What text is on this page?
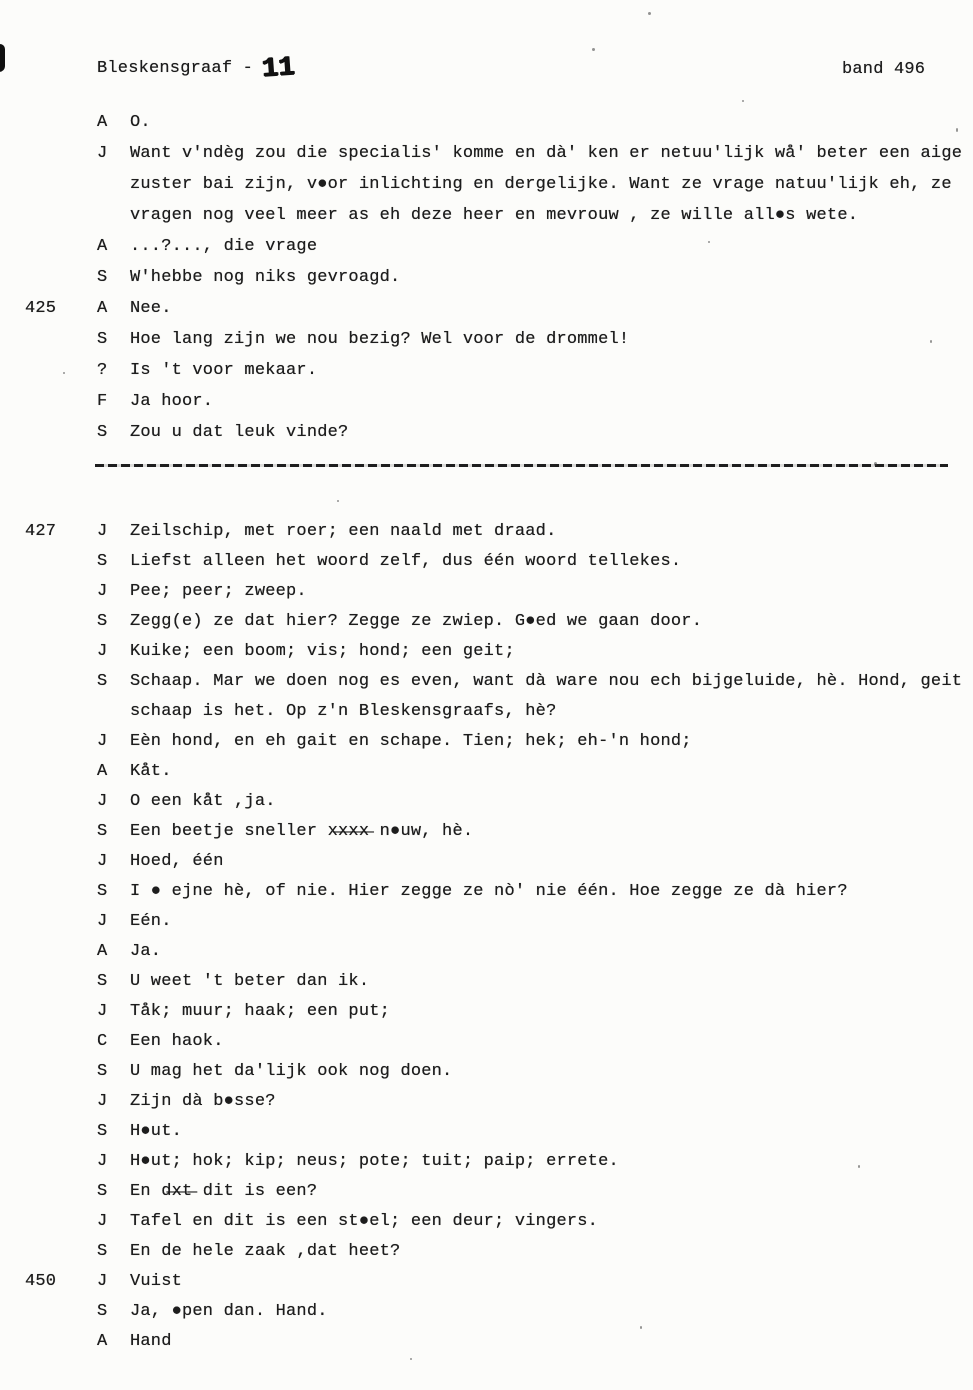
Bleskensgraaf - 11	band 496
A	O.
J	Want v'ndèg zou die specialis' komme en dà' ken er netuu'lijk wå' beter een aige
zuster bai zijn, v●or inlichting en dergelijke. Want ze vrage natuu'lijk eh, ze
vragen nog veel meer as eh deze heer en mevrouw , ze wille all●s wete.
A	...?..., die vrage
S	W'hebbe nog niks gevroagd.
425	A	Nee.
S	Hoe lang zijn we nou bezig? Wel voor de drommel!
?	Is 't voor mekaar.
F	Ja hoor.
S	Zou u dat leuk vinde?
427	J	Zeilschip, met roer; een naald met draad.
S	Liefst alleen het woord zelf, dus één woord tellekes.
J	Pee; peer; zweep.
S	Zegg(e) ze dat hier? Zegge ze zwiep. G●ed we gaan door.
J	Kuike; een boom; vis; hond; een geit;
S	Schaap. Mar we doen nog es even, want dà ware nou ech bijgeluide, hè. Hond, geit
schaap is het. Op z'n Bleskensgraafs, hè?
J	Eèn hond, en eh gait en schape. Tien; hek; eh-'n hond;
A	Kåt.
J	O een kåt ,ja.
S	Een beetje sneller x̶x̶x̶x̶ n●uw, hè.
J	Hoed, één
S	I ● ejne hè, of nie. Hier zegge ze nò' nie één. Hoe zegge ze dà hier?
J	Eén.
A	Ja.
S	U weet 't beter dan ik.
J	Tåk; muur; haak; een put;
C	Een haok.
S	U mag het da'lijk ook nog doen.
J	Zijn dà b●sse?
S	H●ut.
J	H●ut; hok; kip; neus; pote; tuit; paip; errete.
S	En d̶x̶t̶ dit is een?
J	Tafel en dit is een st●el; een deur; vingers.
S	En de hele zaak ,dat heet?
450	J	Vuist
S	Ja, ●pen dan. Hand.
A	Hand
